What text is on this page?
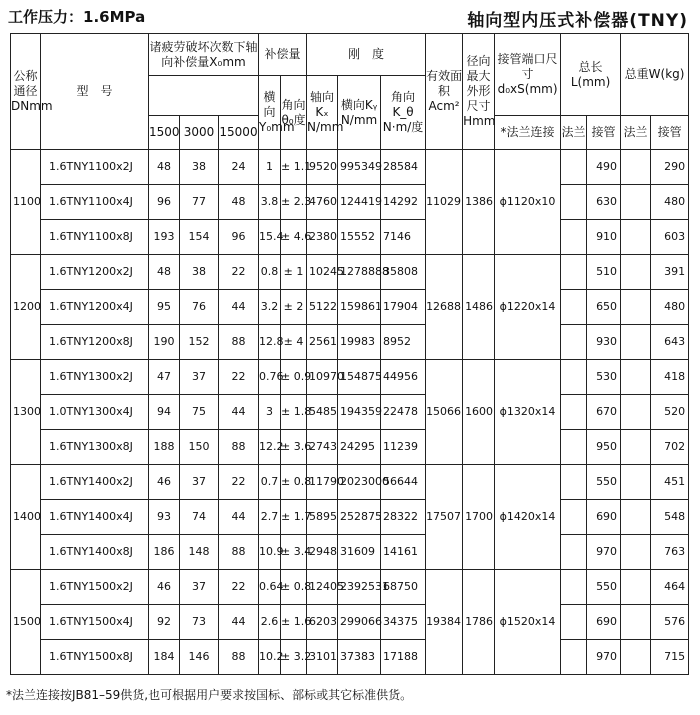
工作压力：1.6MPa	轴向型内压式补偿器(TNY)
公称通径DNmm	型　号	诸疲劳破坏次数下轴向补偿量X₀mm			补偿量		刚　度			有效面积Acm²	径向最大外形尺寸Hmm	接管端口尺寸d₀xS(mm)	总长L(mm)		总重W(kg)	
					横向Y₀mm	角向θ₀度	轴向Kₓ N/mm	横向Kᵧ N/mm	角向K_θ N·m/度							
		1500	3000	15000								*法兰连接	法兰	接管	法兰	接管
1100	1.6TNY1100x2J	48	38	24	1	± 1.1	9520	995349	28584	11029	1386	ϕ1120x10		490		290
	1.6TNY1100x4J	96	77	48	3.8	± 2.3	4760	124419	14292					630		480
	1.6TNY1100x8J	193	154	96	15.4	± 4.6	2380	15552	7146					910		603
1200	1.6TNY1200x2J	48	38	22	0.8	± 1	10245	1278888	35808	12688	1486	ϕ1220x14		510		391
	1.6TNY1200x4J	95	76	44	3.2	± 2	5122	159861	17904					650		480
	1.6TNY1200x8J	190	152	88	12.8	± 4	2561	19983	8952					930		643
1300	1.6TNY1300x2J	47	37	22	0.76	± 0.9	10970	154875	44956	15066	1600	ϕ1320x14		530		418
	1.0TNY1300x4J	94	75	44	3	± 1.8	5485	194359	22478					670		520
	1.6TNY1300x8J	188	150	88	12.2	± 3.6	2743	24295	11239					950		702
1400	1.6TNY1400x2J	46	37	22	0.7	± 0.8	11790	2023000	56644	17507	1700	ϕ1420x14		550		451
	1.6TNY1400x4J	93	74	44	2.7	± 1.7	5895	252875	28322					690		548
	1.6TNY1400x8J	186	148	88	10.9	± 3.4	2948	31609	14161					970		763
1500	1.6TNY1500x2J	46	37	22	0.64	± 0.8	12405	2392531	68750	19384	1786	ϕ1520x14		550		464
	1.6TNY1500x4J	92	73	44	2.6	± 1.6	6203	299066	34375					690		576
	1.6TNY1500x8J	184	146	88	10.2	± 3.2	3101	37383	17188					970		715
*法兰连接按JB81–59供货,也可根据用户要求按国标、部标或其它标准供货。
